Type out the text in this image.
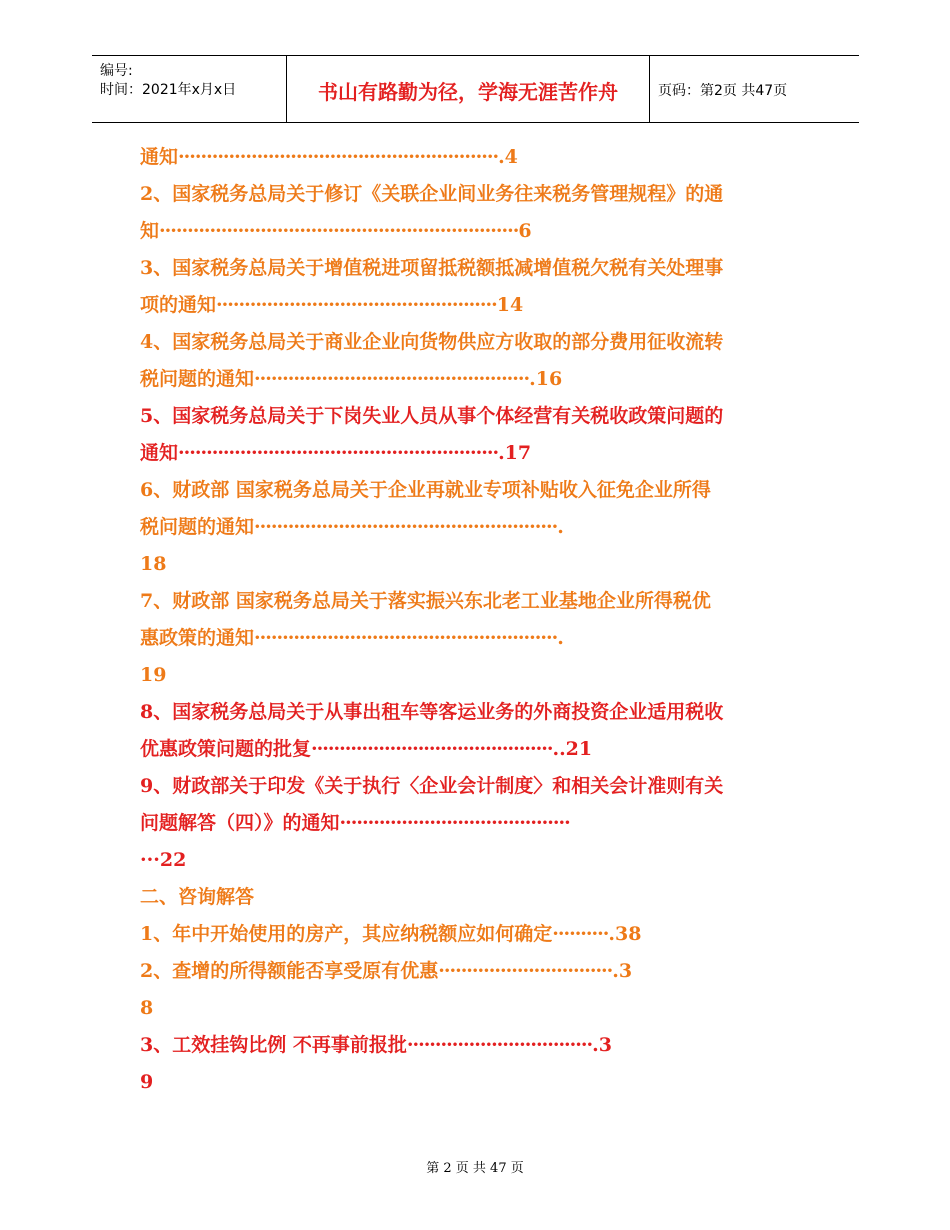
编号:
时间：2021年x月x日	书山有路勤为径，学海无涯苦作舟	页码：第2页 共47页
通知·························································.4
2、国家税务总局关于修订《关联企业间业务往来税务管理规程》的通
知································································6
3、国家税务总局关于增值税进项留抵税额抵减增值税欠税有关处理事
项的通知··················································14
4、国家税务总局关于商业企业向货物供应方收取的部分费用征收流转
税问题的通知·················································.16
5、国家税务总局关于下岗失业人员从事个体经营有关税收政策问题的
通知·························································.17
6、财政部 国家税务总局关于企业再就业专项补贴收入征免企业所得
税问题的通知······················································.
18
7、财政部 国家税务总局关于落实振兴东北老工业基地企业所得税优
惠政策的通知······················································.
19
8、国家税务总局关于从事出租车等客运业务的外商投资企业适用税收
优惠政策问题的批复···········································..21
9、财政部关于印发《关于执行〈企业会计制度〉和相关会计准则有关
问题解答（四）》的通知·········································
···22
二、咨询解答
1、年中开始使用的房产，其应纳税额应如何确定··········.38
2、查增的所得额能否享受原有优惠·······························.3
8
3、工效挂钩比例 不再事前报批·································.3
9
第 2 页 共 47 页
